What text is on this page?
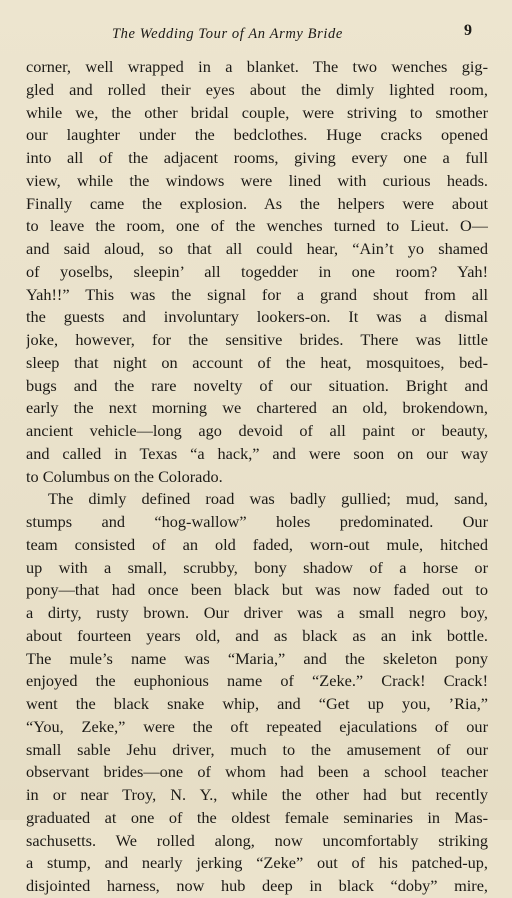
The Wedding Tour of An Army Bride	9
corner, well wrapped in a blanket. The two wenches gig-
gled and rolled their eyes about the dimly lighted room,
while we, the other bridal couple, were striving to smother
our laughter under the bedclothes. Huge cracks opened
into all of the adjacent rooms, giving every one a full
view, while the windows were lined with curious heads.
Finally came the explosion. As the helpers were about
to leave the room, one of the wenches turned to Lieut. O—
and said aloud, so that all could hear, “Ain’t yo shamed
of yoselbs, sleepin’ all togedder in one room? Yah!
Yah!!” This was the signal for a grand shout from all
the guests and involuntary lookers-on. It was a dismal
joke, however, for the sensitive brides. There was little
sleep that night on account of the heat, mosquitoes, bed-
bugs and the rare novelty of our situation. Bright and
early the next morning we chartered an old, brokendown,
ancient vehicle—long ago devoid of all paint or beauty,
and called in Texas “a hack,” and were soon on our way
to Columbus on the Colorado.
The dimly defined road was badly gullied; mud, sand,
stumps and “hog-wallow” holes predominated. Our
team consisted of an old faded, worn-out mule, hitched
up with a small, scrubby, bony shadow of a horse or
pony—that had once been black but was now faded out to
a dirty, rusty brown. Our driver was a small negro boy,
about fourteen years old, and as black as an ink bottle.
The mule’s name was “Maria,” and the skeleton pony
enjoyed the euphonious name of “Zeke.” Crack! Crack!
went the black snake whip, and “Get up you, ’Ria,”
“You, Zeke,” were the oft repeated ejaculations of our
small sable Jehu driver, much to the amusement of our
observant brides—one of whom had been a school teacher
in or near Troy, N. Y., while the other had but recently
graduated at one of the oldest female seminaries in Mas-
sachusetts. We rolled along, now uncomfortably striking
a stump, and nearly jerking “Zeke” out of his patched-up,
disjointed harness, now hub deep in black “doby” mire,
